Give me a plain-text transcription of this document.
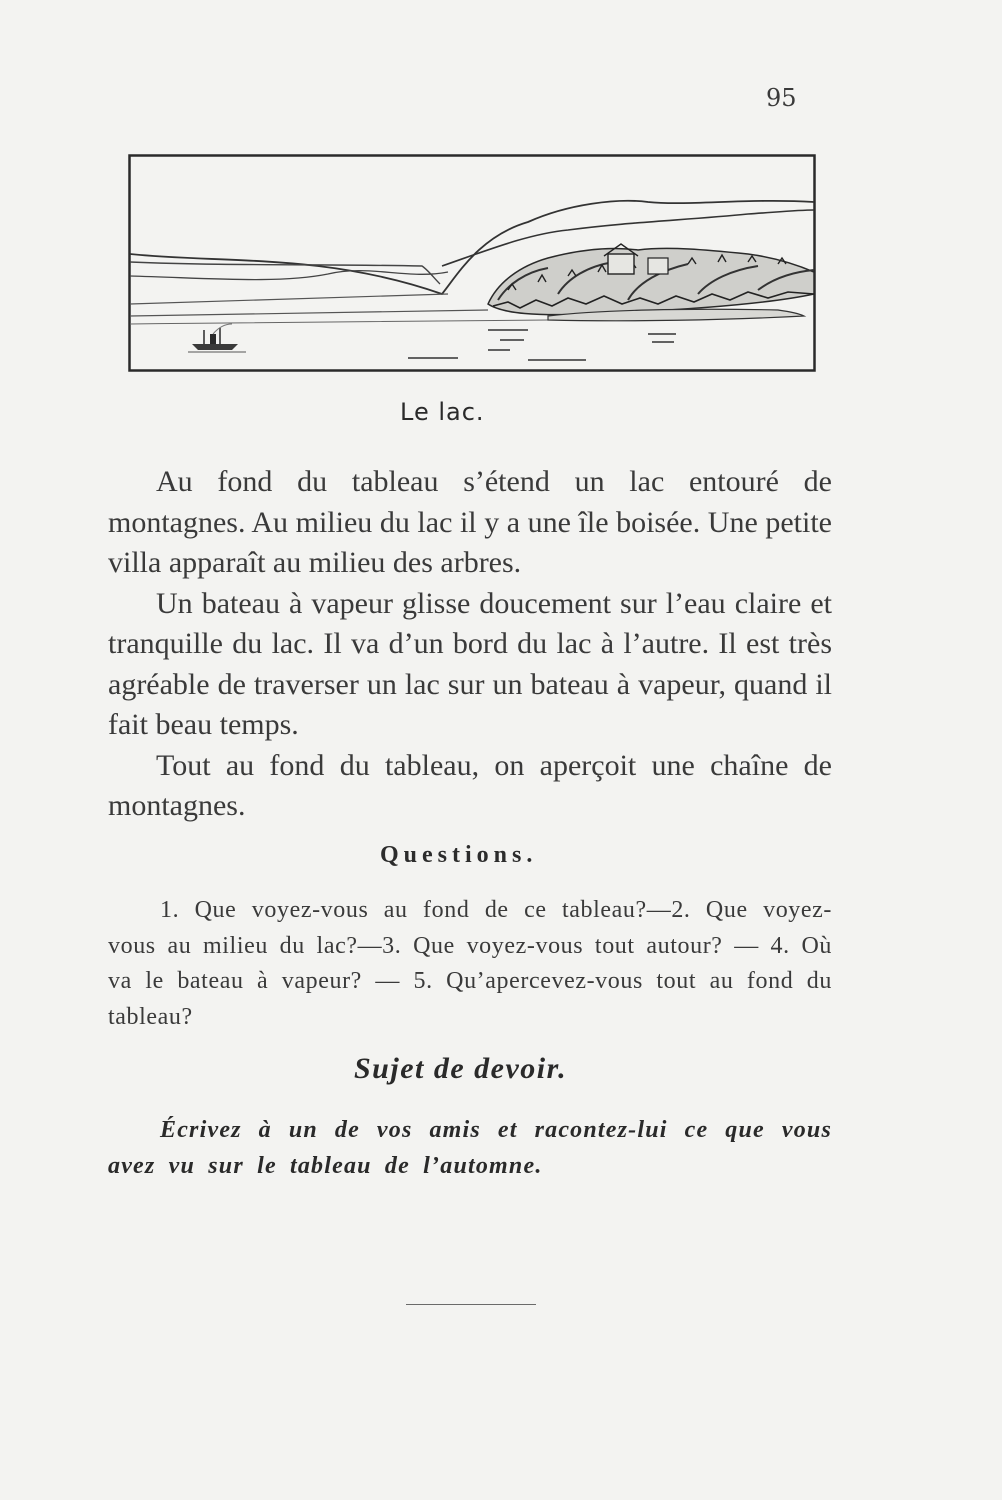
95
Le lac.

Au fond du tableau s’étend un lac entouré de montagnes. Au milieu du lac il y a une île boisée. Une petite villa apparaît au milieu des arbres.

Un bateau à vapeur glisse doucement sur l’eau claire et tranquille du lac. Il va d’un bord du lac à l’autre. Il est très agréable de traverser un lac sur un bateau à vapeur, quand il fait beau temps.

Tout au fond du tableau, on aperçoit une chaîne de montagnes.

Questions.
1. Que voyez-vous au fond de ce tableau?—2. Que voyez-vous au milieu du lac?—3. Que voyez-vous tout autour? — 4. Où va le bateau à vapeur? — 5. Qu’apercevez-vous tout au fond du tableau?
Sujet de devoir.
Écrivez à un de vos amis et racontez-lui ce que vous avez vu sur le tableau de l’automne.
